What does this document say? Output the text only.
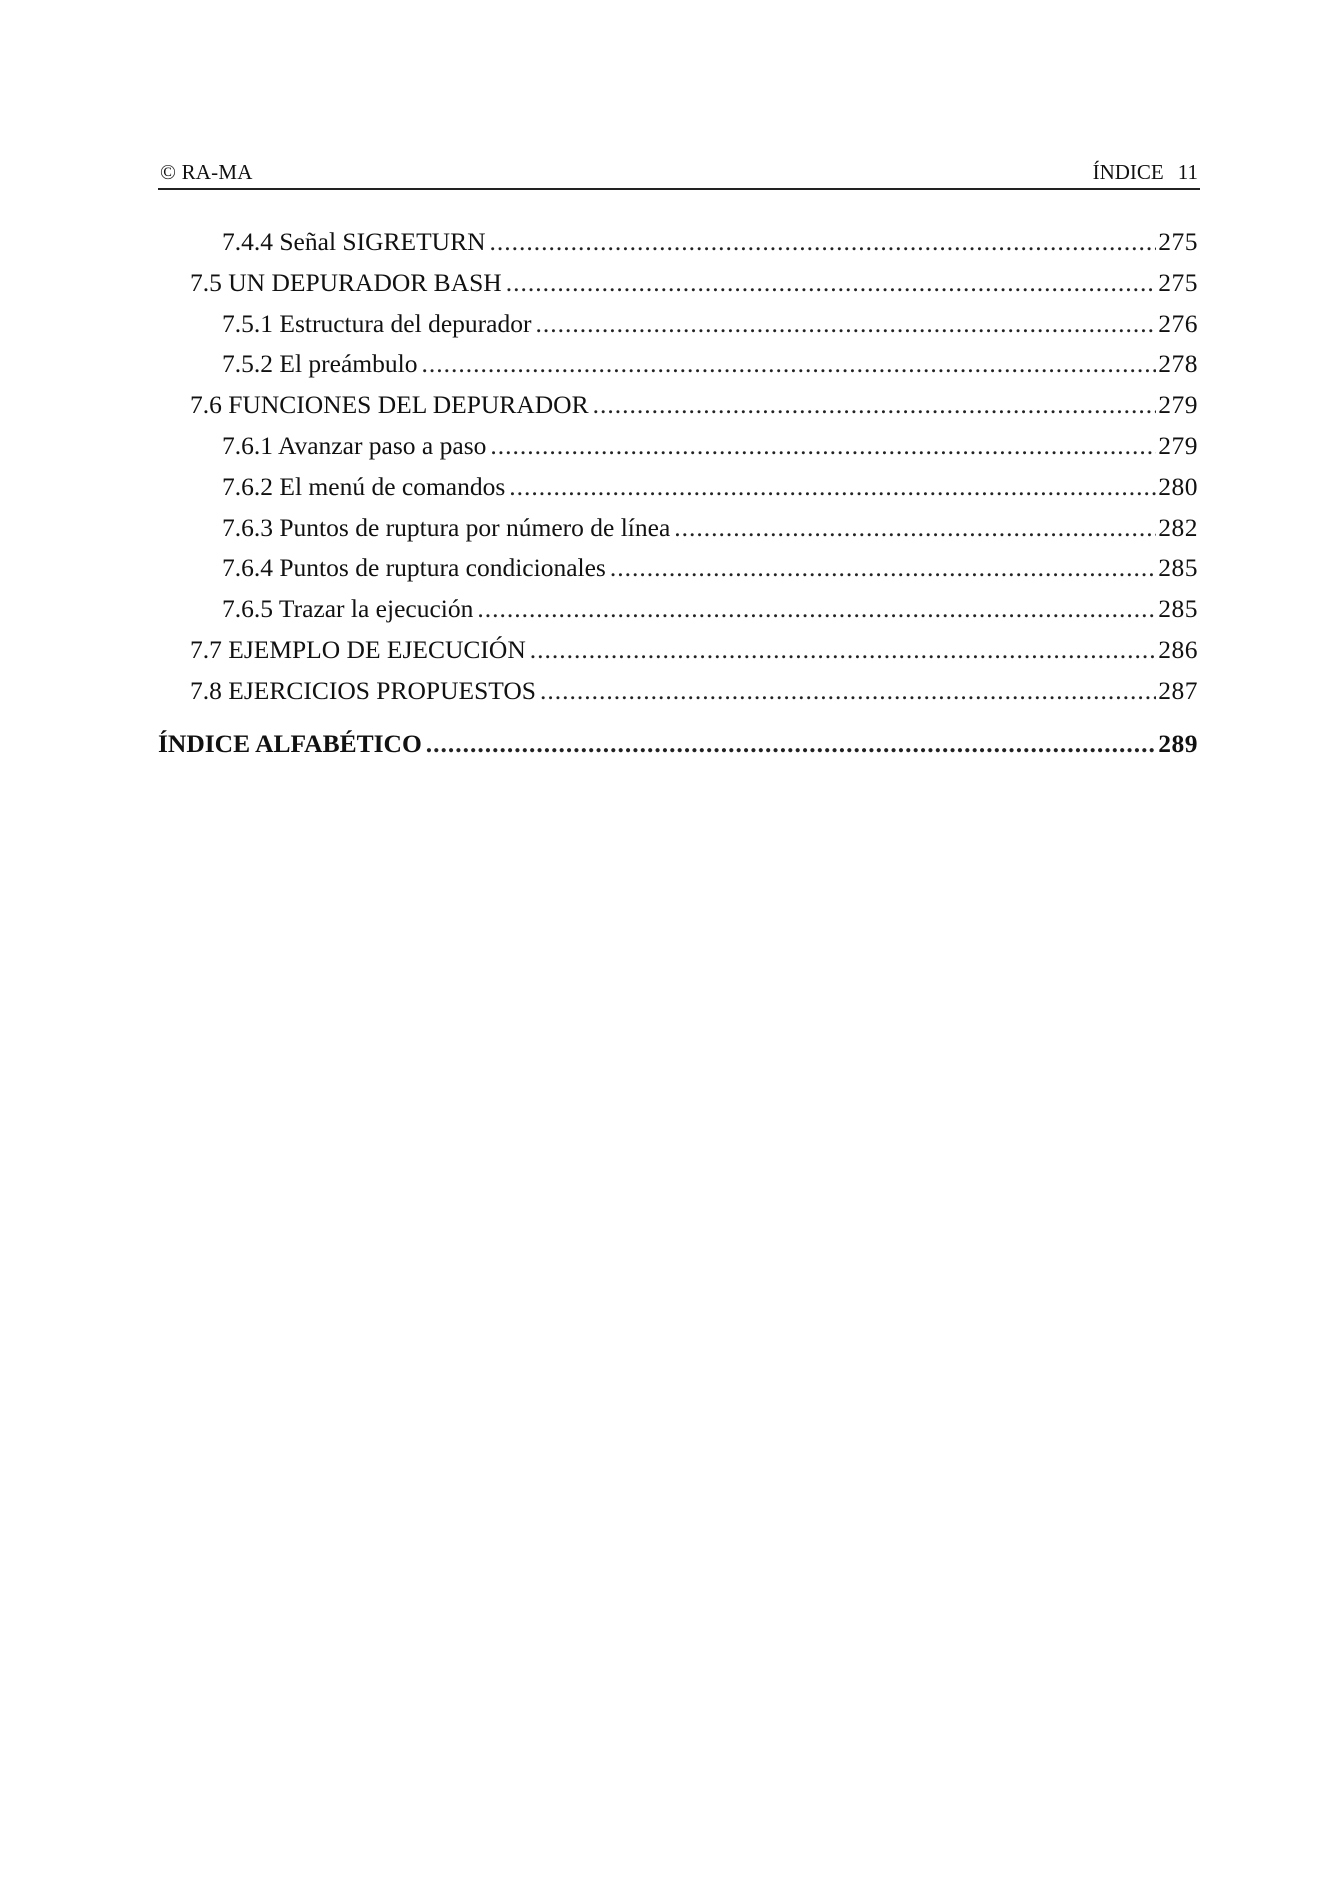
© RA-MA	ÍNDICE 11
7.4.4 Señal SIGRETURN .....	275
7.5 UN DEPURADOR BASH .....	275
7.5.1 Estructura del depurador .....	276
7.5.2 El preámbulo .....	278
7.6 FUNCIONES DEL DEPURADOR .....	279
7.6.1 Avanzar paso a paso .....	279
7.6.2 El menú de comandos .....	280
7.6.3 Puntos de ruptura por número de línea .....	282
7.6.4 Puntos de ruptura condicionales .....	285
7.6.5 Trazar la ejecución .....	285
7.7 EJEMPLO DE EJECUCIÓN .....	286
7.8 EJERCICIOS PROPUESTOS .....	287
ÍNDICE ALFABÉTICO .....	289
